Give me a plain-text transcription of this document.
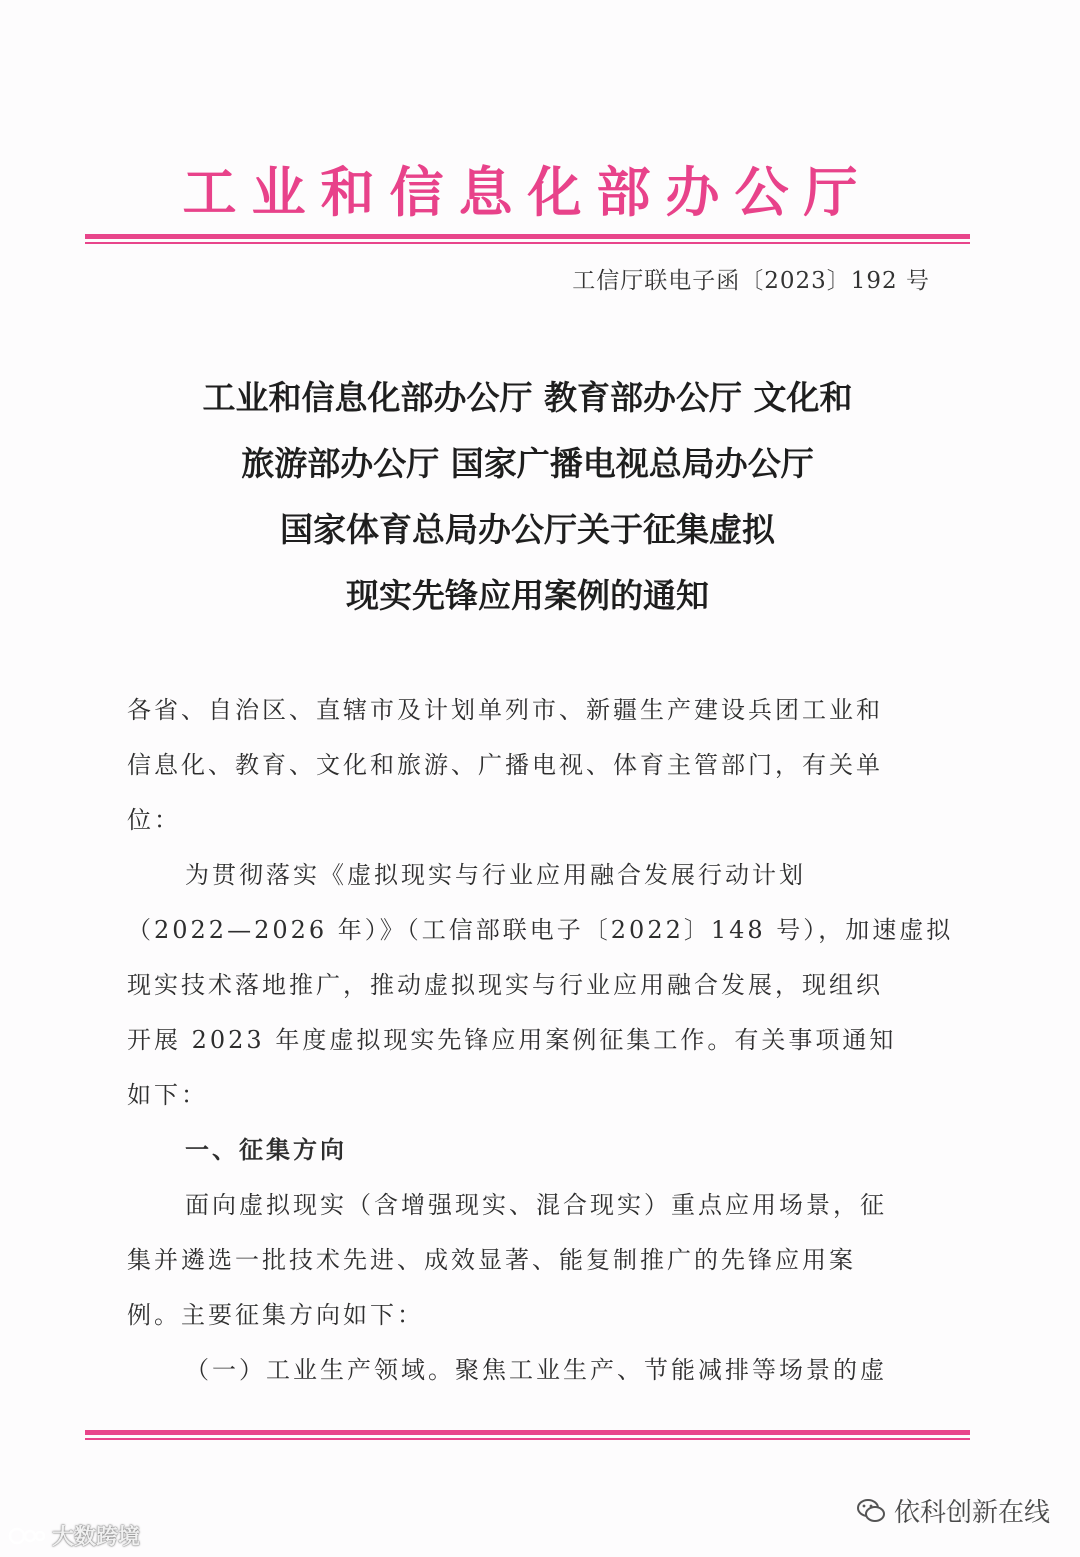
工业和信息化部办公厅
工信厅联电子函〔2023〕192 号
工业和信息化部办公厅 教育部办公厅 文化和
旅游部办公厅 国家广播电视总局办公厅
国家体育总局办公厅关于征集虚拟
现实先锋应用案例的通知

各省、自治区、直辖市及计划单列市、新疆生产建设兵团工业和

信息化、教育、文化和旅游、广播电视、体育主管部门，有关单

位：

为贯彻落实《虚拟现实与行业应用融合发展行动计划

（2022—2026 年）》（工信部联电子〔2022〕148 号），加速虚拟

现实技术落地推广，推动虚拟现实与行业应用融合发展，现组织

开展 2023 年度虚拟现实先锋应用案例征集工作。有关事项通知

如下：

一、征集方向

面向虚拟现实（含增强现实、混合现实）重点应用场景，征

集并遴选一批技术先进、成效显著、能复制推广的先锋应用案

例。主要征集方向如下：

（一）工业生产领域。聚焦工业生产、节能减排等场景的虚

依科创新在线
大数跨境
